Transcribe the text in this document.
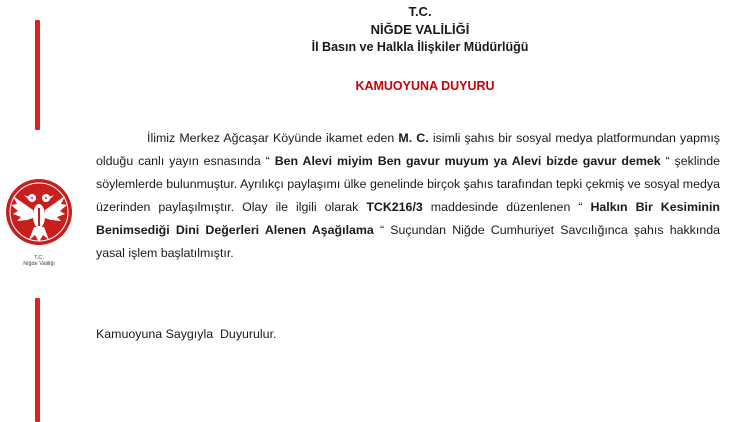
T.C.
Niğde Valiliği
T.C.
NİĞDE VALİLİĞİ
İl Basın ve Halkla İlişkiler Müdürlüğü
KAMUOYUNA DUYURU

İlimiz Merkez Ağcaşar Köyünde ikamet eden M. C. isimli şahıs bir sosyal medya platformundan yapmış olduğu canlı yayın esnasında “ Ben Alevi miyim Ben gavur muyum ya Alevi bizde gavur demek “ şeklinde söylemlerde bulunmuştur. Ayrılıkçı paylaşımı ülke genelinde birçok şahıs tarafından tepki çekmiş ve sosyal medya üzerinden paylaşılmıştır. Olay ile ilgili olarak TCK216/3 maddesinde düzenlenen “ Halkın Bir Kesiminin Benimsediği Dini Değerleri Alenen Aşağılama “ Suçundan Niğde Cumhuriyet Savcılığınca şahıs hakkında yasal işlem başlatılmıştır.

Kamuoyuna Saygıyla  Duyurulur.
